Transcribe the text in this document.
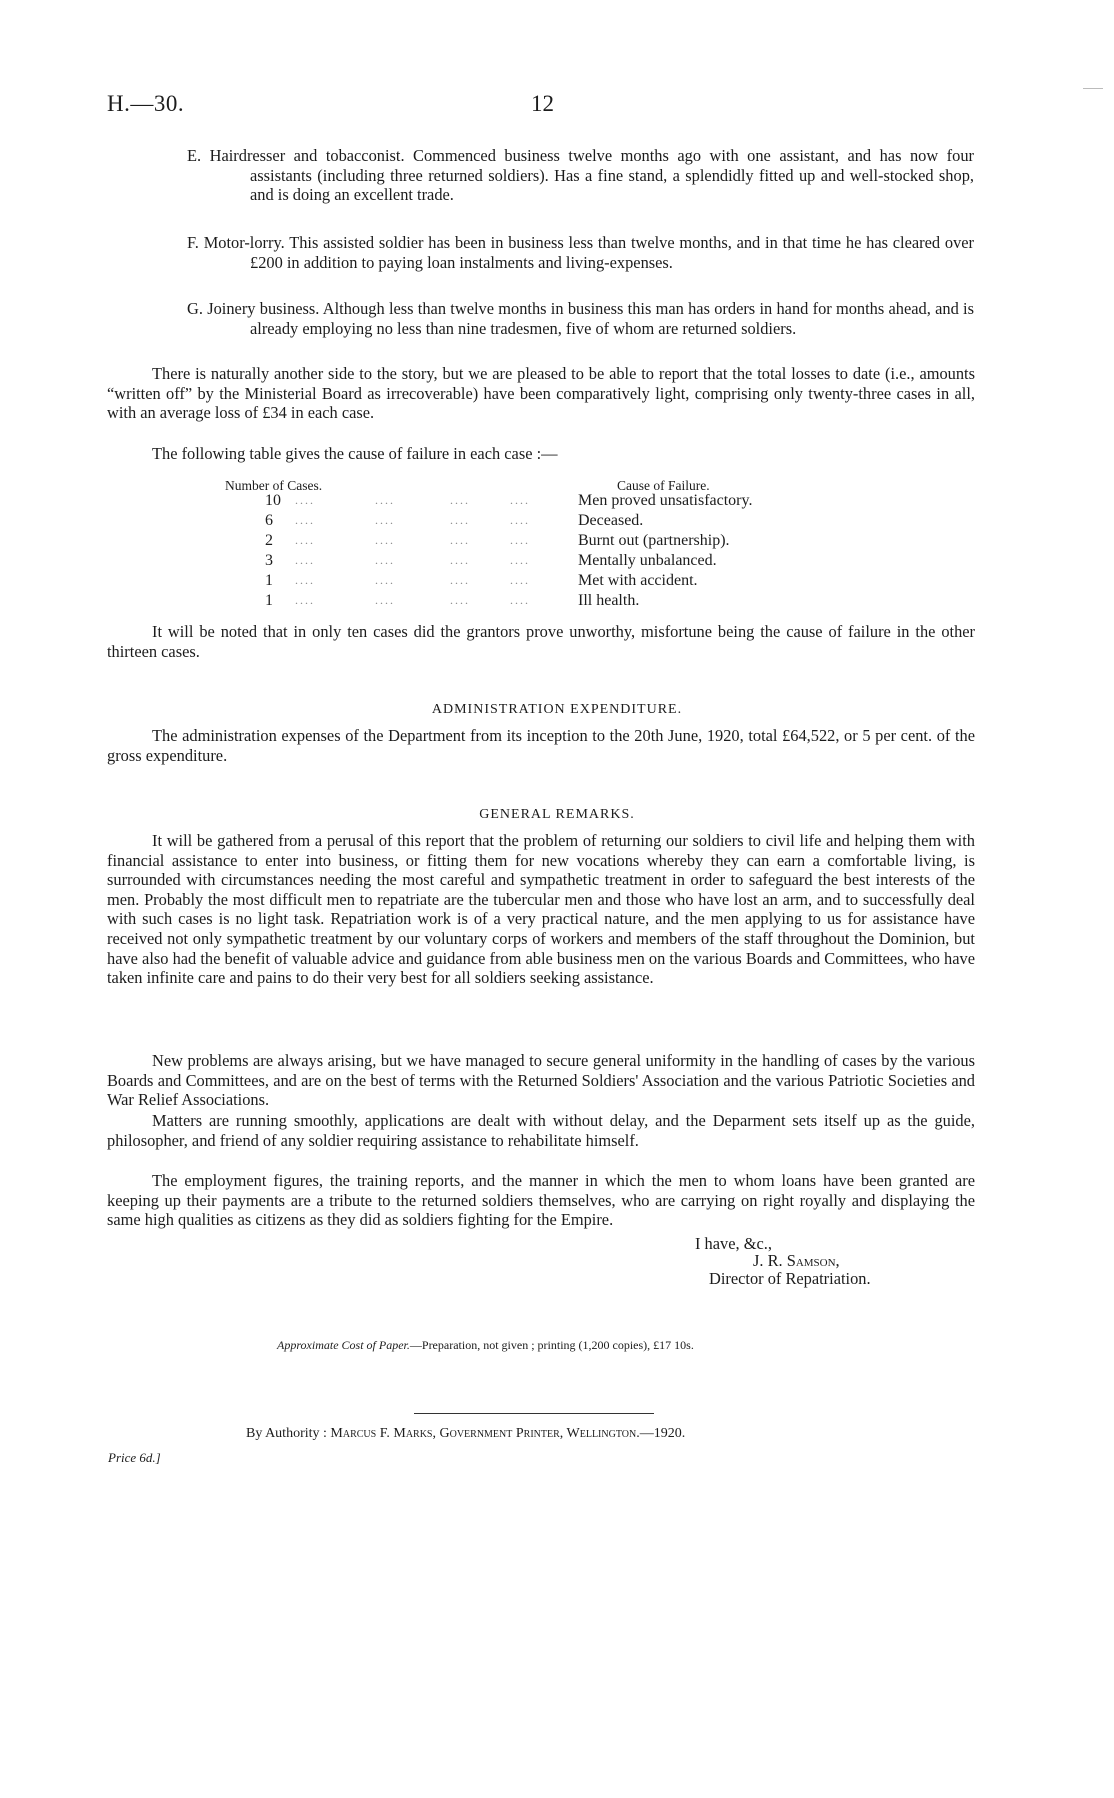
H.—30.	12

E. Hairdresser and tobacconist. Commenced business twelve months ago with one assistant, and has now four assistants (including three returned soldiers). Has a fine stand, a splendidly fitted up and well-stocked shop, and is doing an excellent trade.

F. Motor-lorry. This assisted soldier has been in business less than twelve months, and in that time he has cleared over £200 in addition to paying loan instalments and living-expenses.

G. Joinery business. Although less than twelve months in business this man has orders in hand for months ahead, and is already employing no less than nine tradesmen, five of whom are returned soldiers.

There is naturally another side to the story, but we are pleased to be able to report that the total losses to date (i.e., amounts “written off” by the Ministerial Board as irrecoverable) have been comparatively light, comprising only twenty-three cases in all, with an average loss of £34 in each case.

The following table gives the cause of failure in each case :—

Number of Cases.	Cause of Failure.
10 ....            ....           ....        ....	Men proved unsatisfactory.
6 ....            ....           ....        ....	Deceased.
2 ....            ....           ....        ....	Burnt out (partnership).
3 ....            ....           ....        ....	Mentally unbalanced.
1 ....            ....           ....        ....	Met with accident.
1 ....            ....           ....        ....	Ill health.

It will be noted that in only ten cases did the grantors prove unworthy, misfortune being the cause of failure in the other thirteen cases.

ADMINISTRATION EXPENDITURE.

The administration expenses of the Department from its inception to the 20th June, 1920, total £64,522, or 5 per cent. of the gross expenditure.

GENERAL REMARKS.

It will be gathered from a perusal of this report that the problem of returning our soldiers to civil life and helping them with financial assistance to enter into business, or fitting them for new vocations whereby they can earn a comfortable living, is surrounded with circumstances needing the most careful and sympathetic treatment in order to safeguard the best interests of the men. Probably the most difficult men to repatriate are the tubercular men and those who have lost an arm, and to successfully deal with such cases is no light task. Repatriation work is of a very practical nature, and the men applying to us for assistance have received not only sympathetic treatment by our voluntary corps of workers and members of the staff throughout the Dominion, but have also had the benefit of valuable advice and guidance from able business men on the various Boards and Committees, who have taken infinite care and pains to do their very best for all soldiers seeking assistance.

New problems are always arising, but we have managed to secure general uniformity in the handling of cases by the various Boards and Committees, and are on the best of terms with the Returned Soldiers' Association and the various Patriotic Societies and War Relief Associations.

Matters are running smoothly, applications are dealt with without delay, and the Deparment sets itself up as the guide, philosopher, and friend of any soldier requiring assistance to rehabilitate himself.

The employment figures, the training reports, and the manner in which the men to whom loans have been granted are keeping up their payments are a tribute to the returned soldiers themselves, who are carrying on right royally and displaying the same high qualities as citizens as they did as soldiers fighting for the Empire.

I have, &c.,
J. R. Samson,
Director of Repatriation.
Approximate Cost of Paper.—Preparation, not given ; printing (1,200 copies), £17 10s.
By Authority : Marcus F. Marks, Government Printer, Wellington.—1920.
Price 6d.]
